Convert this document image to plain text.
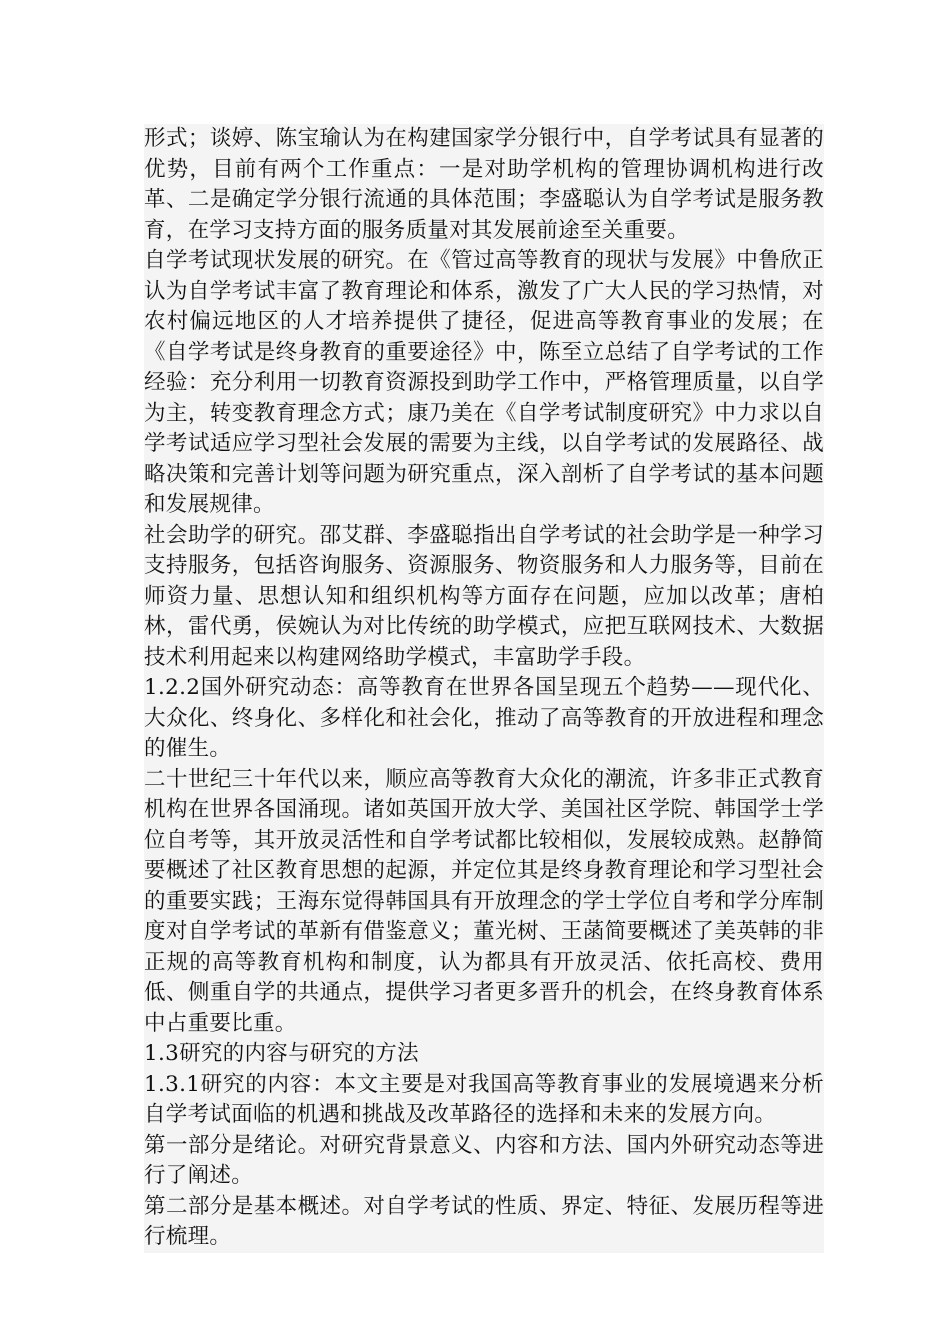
形式；谈婷、陈宝瑜认为在构建国家学分银行中，自学考试具有显著的优势，目前有两个工作重点：一是对助学机构的管理协调机构进行改革、二是确定学分银行流通的具体范围；李盛聪认为自学考试是服务教育，在学习支持方面的服务质量对其发展前途至关重要。

自学考试现状发展的研究。在《管过高等教育的现状与发展》中鲁欣正认为自学考试丰富了教育理论和体系，激发了广大人民的学习热情，对农村偏远地区的人才培养提供了捷径，促进高等教育事业的发展；在《自学考试是终身教育的重要途径》中，陈至立总结了自学考试的工作经验：充分利用一切教育资源投到助学工作中，严格管理质量，以自学为主，转变教育理念方式；康乃美在《自学考试制度研究》中力求以自学考试适应学习型社会发展的需要为主线，以自学考试的发展路径、战略决策和完善计划等问题为研究重点，深入剖析了自学考试的基本问题和发展规律。

社会助学的研究。邵艾群、李盛聪指出自学考试的社会助学是一种学习支持服务，包括咨询服务、资源服务、物资服务和人力服务等，目前在师资力量、思想认知和组织机构等方面存在问题，应加以改革；唐柏林，雷代勇，侯婉认为对比传统的助学模式，应把互联网技术、大数据技术利用起来以构建网络助学模式，丰富助学手段。

1.2.2国外研究动态：高等教育在世界各国呈现五个趋势——现代化、大众化、终身化、多样化和社会化，推动了高等教育的开放进程和理念的催生。

二十世纪三十年代以来，顺应高等教育大众化的潮流，许多非正式教育机构在世界各国涌现。诸如英国开放大学、美国社区学院、韩国学士学位自考等，其开放灵活性和自学考试都比较相似，发展较成熟。赵静简要概述了社区教育思想的起源，并定位其是终身教育理论和学习型社会的重要实践；王海东觉得韩国具有开放理念的学士学位自考和学分库制度对自学考试的革新有借鉴意义；董光树、王菡简要概述了美英韩的非正规的高等教育机构和制度，认为都具有开放灵活、依托高校、费用低、侧重自学的共通点，提供学习者更多晋升的机会，在终身教育体系中占重要比重。

1.3研究的内容与研究的方法

1.3.1研究的内容：本文主要是对我国高等教育事业的发展境遇来分析自学考试面临的机遇和挑战及改革路径的选择和未来的发展方向。

第一部分是绪论。对研究背景意义、内容和方法、国内外研究动态等进行了阐述。

第二部分是基本概述。对自学考试的性质、界定、特征、发展历程等进行梳理。
